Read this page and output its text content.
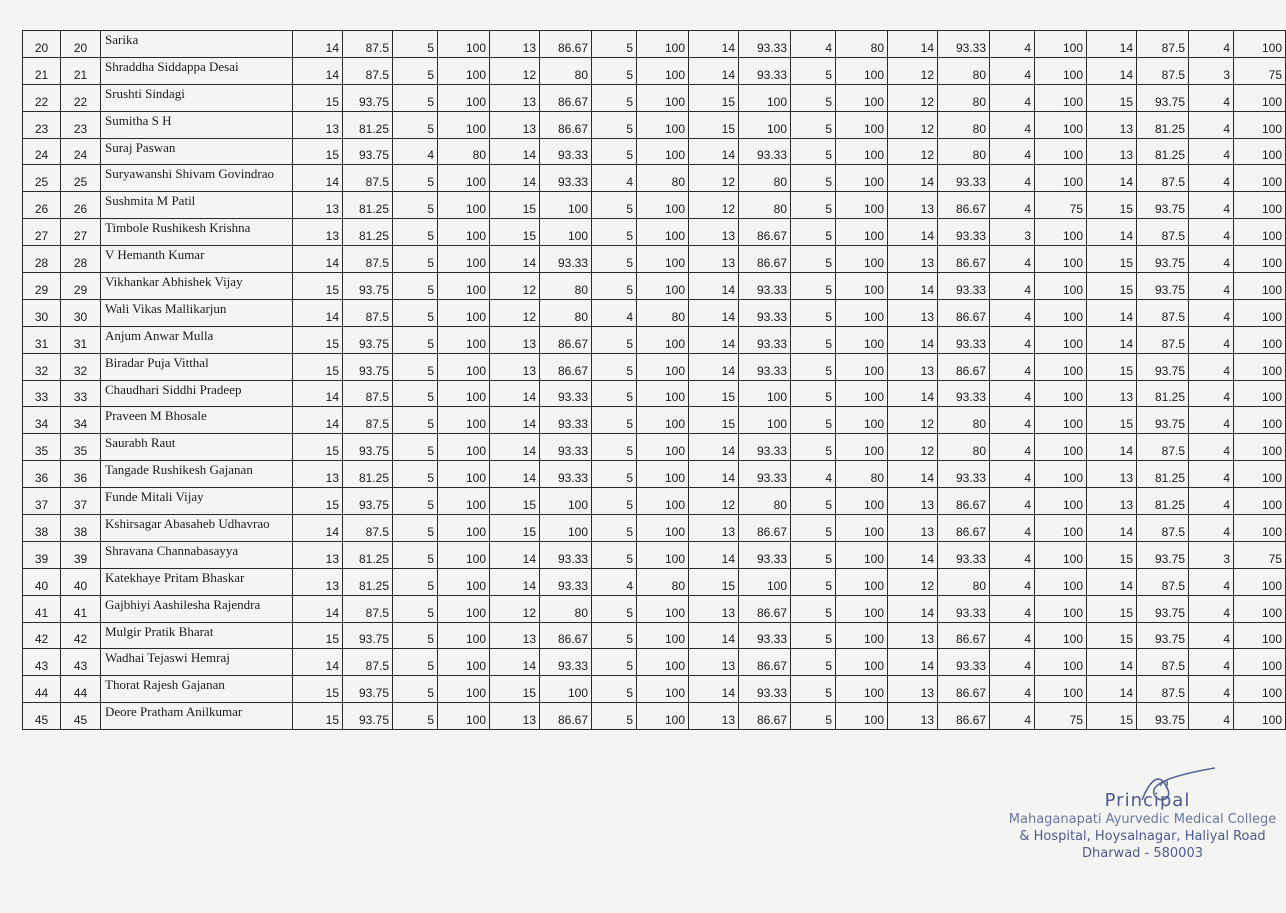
20	20	Sarika	14	87.5	5	100	13	86.67	5	100	14	93.33	4	80	14	93.33	4	100	14	87.5	4	100
21	21	Shraddha Siddappa Desai	14	87.5	5	100	12	80	5	100	14	93.33	5	100	12	80	4	100	14	87.5	3	75
22	22	Srushti Sindagi	15	93.75	5	100	13	86.67	5	100	15	100	5	100	12	80	4	100	15	93.75	4	100
23	23	Sumitha S H	13	81.25	5	100	13	86.67	5	100	15	100	5	100	12	80	4	100	13	81.25	4	100
24	24	Suraj Paswan	15	93.75	4	80	14	93.33	5	100	14	93.33	5	100	12	80	4	100	13	81.25	4	100
25	25	Suryawanshi Shivam Govindrao	14	87.5	5	100	14	93.33	4	80	12	80	5	100	14	93.33	4	100	14	87.5	4	100
26	26	Sushmita M Patil	13	81.25	5	100	15	100	5	100	12	80	5	100	13	86.67	4	75	15	93.75	4	100
27	27	Timbole Rushikesh Krishna	13	81.25	5	100	15	100	5	100	13	86.67	5	100	14	93.33	3	100	14	87.5	4	100
28	28	V Hemanth Kumar	14	87.5	5	100	14	93.33	5	100	13	86.67	5	100	13	86.67	4	100	15	93.75	4	100
29	29	Vikhankar Abhishek Vijay	15	93.75	5	100	12	80	5	100	14	93.33	5	100	14	93.33	4	100	15	93.75	4	100
30	30	Wali Vikas Mallikarjun	14	87.5	5	100	12	80	4	80	14	93.33	5	100	13	86.67	4	100	14	87.5	4	100
31	31	Anjum Anwar Mulla	15	93.75	5	100	13	86.67	5	100	14	93.33	5	100	14	93.33	4	100	14	87.5	4	100
32	32	Biradar Puja Vitthal	15	93.75	5	100	13	86.67	5	100	14	93.33	5	100	13	86.67	4	100	15	93.75	4	100
33	33	Chaudhari Siddhi Pradeep	14	87.5	5	100	14	93.33	5	100	15	100	5	100	14	93.33	4	100	13	81.25	4	100
34	34	Praveen M Bhosale	14	87.5	5	100	14	93.33	5	100	15	100	5	100	12	80	4	100	15	93.75	4	100
35	35	Saurabh Raut	15	93.75	5	100	14	93.33	5	100	14	93.33	5	100	12	80	4	100	14	87.5	4	100
36	36	Tangade Rushikesh Gajanan	13	81.25	5	100	14	93.33	5	100	14	93.33	4	80	14	93.33	4	100	13	81.25	4	100
37	37	Funde Mitali Vijay	15	93.75	5	100	15	100	5	100	12	80	5	100	13	86.67	4	100	13	81.25	4	100
38	38	Kshirsagar Abasaheb Udhavrao	14	87.5	5	100	15	100	5	100	13	86.67	5	100	13	86.67	4	100	14	87.5	4	100
39	39	Shravana Channabasayya	13	81.25	5	100	14	93.33	5	100	14	93.33	5	100	14	93.33	4	100	15	93.75	3	75
40	40	Katekhaye Pritam Bhaskar	13	81.25	5	100	14	93.33	4	80	15	100	5	100	12	80	4	100	14	87.5	4	100
41	41	Gajbhiyi Aashilesha Rajendra	14	87.5	5	100	12	80	5	100	13	86.67	5	100	14	93.33	4	100	15	93.75	4	100
42	42	Mulgir Pratik Bharat	15	93.75	5	100	13	86.67	5	100	14	93.33	5	100	13	86.67	4	100	15	93.75	4	100
43	43	Wadhai Tejaswi Hemraj	14	87.5	5	100	14	93.33	5	100	13	86.67	5	100	14	93.33	4	100	14	87.5	4	100
44	44	Thorat Rajesh Gajanan	15	93.75	5	100	15	100	5	100	14	93.33	5	100	13	86.67	4	100	14	87.5	4	100
45	45	Deore Pratham Anilkumar	15	93.75	5	100	13	86.67	5	100	13	86.67	5	100	13	86.67	4	75	15	93.75	4	100
Principal
Mahaganapati Ayurvedic Medical College
& Hospital, Hoysalnagar, Haliyal Road
Dharwad - 580003
